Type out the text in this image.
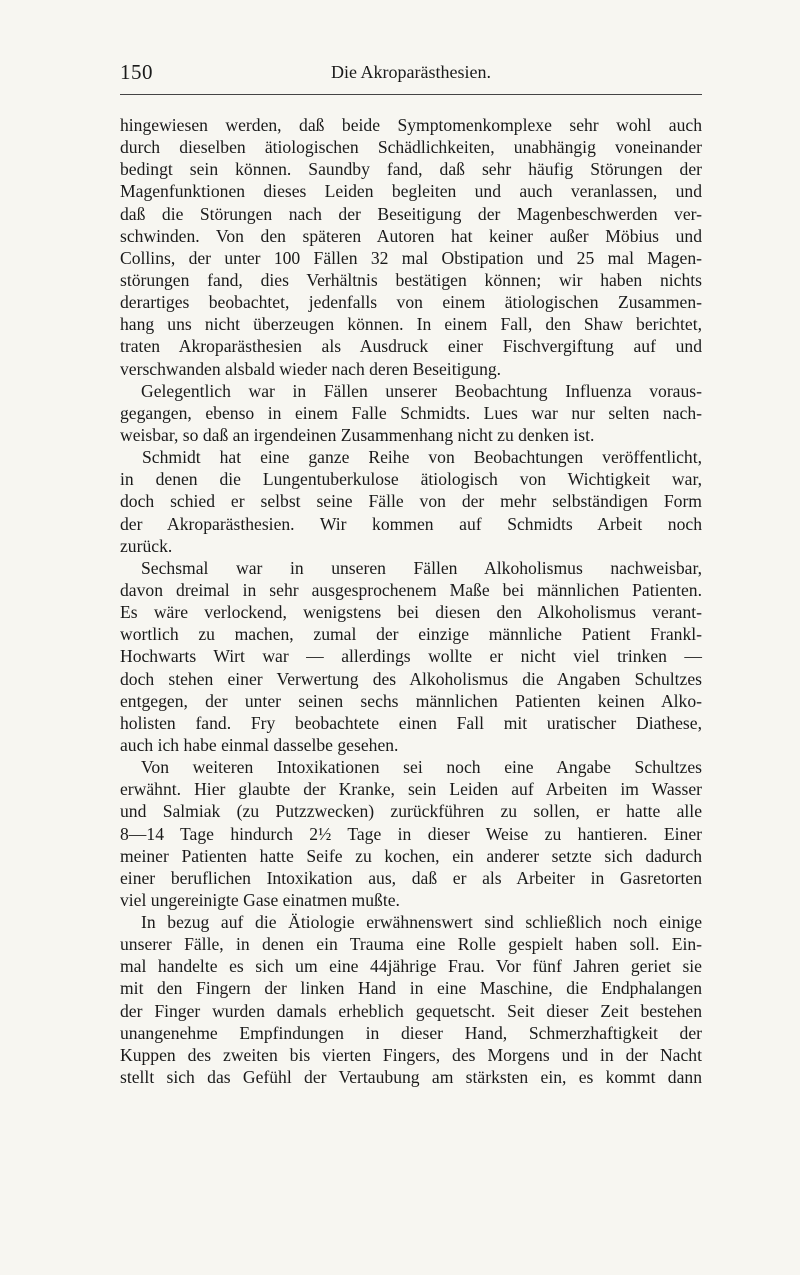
150	Die Akroparästhesien.
hingewiesen werden, daß beide Symptomenkomplexe sehr wohl auch
durch dieselben ätiologischen Schädlichkeiten, unabhängig voneinander
bedingt sein können. Saundby fand, daß sehr häufig Störungen der
Magenfunktionen dieses Leiden begleiten und auch veranlassen, und
daß die Störungen nach der Beseitigung der Magenbeschwerden ver-
schwinden. Von den späteren Autoren hat keiner außer Möbius und
Collins, der unter 100 Fällen 32 mal Obstipation und 25 mal Magen-
störungen fand, dies Verhältnis bestätigen können; wir haben nichts
derartiges beobachtet, jedenfalls von einem ätiologischen Zusammen-
hang uns nicht überzeugen können. In einem Fall, den Shaw berichtet,
traten Akroparästhesien als Ausdruck einer Fischvergiftung auf und
verschwanden alsbald wieder nach deren Beseitigung.
Gelegentlich war in Fällen unserer Beobachtung Influenza voraus-
gegangen, ebenso in einem Falle Schmidts. Lues war nur selten nach-
weisbar, so daß an irgendeinen Zusammenhang nicht zu denken ist.
Schmidt hat eine ganze Reihe von Beobachtungen veröffentlicht,
in denen die Lungentuberkulose ätiologisch von Wichtigkeit war,
doch schied er selbst seine Fälle von der mehr selbständigen Form
der Akroparästhesien. Wir kommen auf Schmidts Arbeit noch
zurück.
Sechsmal war in unseren Fällen Alkoholismus nachweisbar,
davon dreimal in sehr ausgesprochenem Maße bei männlichen Patienten.
Es wäre verlockend, wenigstens bei diesen den Alkoholismus verant-
wortlich zu machen, zumal der einzige männliche Patient Frankl-
Hochwarts Wirt war — allerdings wollte er nicht viel trinken —
doch stehen einer Verwertung des Alkoholismus die Angaben Schultzes
entgegen, der unter seinen sechs männlichen Patienten keinen Alko-
holisten fand. Fry beobachtete einen Fall mit uratischer Diathese,
auch ich habe einmal dasselbe gesehen.
Von weiteren Intoxikationen sei noch eine Angabe Schultzes
erwähnt. Hier glaubte der Kranke, sein Leiden auf Arbeiten im Wasser
und Salmiak (zu Putzzwecken) zurückführen zu sollen, er hatte alle
8—14 Tage hindurch 2½ Tage in dieser Weise zu hantieren. Einer
meiner Patienten hatte Seife zu kochen, ein anderer setzte sich dadurch
einer beruflichen Intoxikation aus, daß er als Arbeiter in Gasretorten
viel ungereinigte Gase einatmen mußte.
In bezug auf die Ätiologie erwähnenswert sind schließlich noch einige
unserer Fälle, in denen ein Trauma eine Rolle gespielt haben soll. Ein-
mal handelte es sich um eine 44jährige Frau. Vor fünf Jahren geriet sie
mit den Fingern der linken Hand in eine Maschine, die Endphalangen
der Finger wurden damals erheblich gequetscht. Seit dieser Zeit bestehen
unangenehme Empfindungen in dieser Hand, Schmerzhaftigkeit der
Kuppen des zweiten bis vierten Fingers, des Morgens und in der Nacht
stellt sich das Gefühl der Vertaubung am stärksten ein, es kommt dann
